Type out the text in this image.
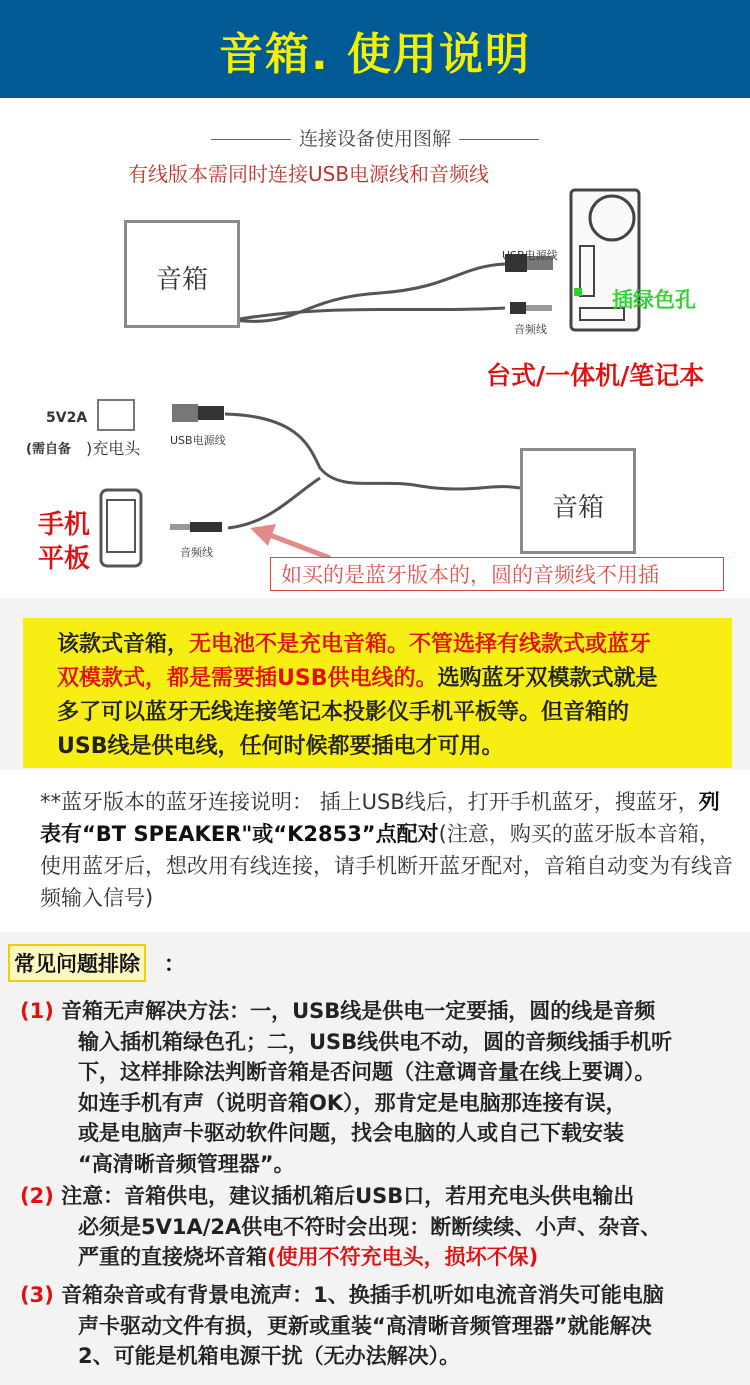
音箱. 使用说明
连接设备使用图解
有线版本需同时连接USB电源线和音频线
音箱
音箱
USB电源线
音频线
插绿色孔
台式/一体机/笔记本
5V2A
(需自备 )充电头	USB电源线
音频线
手机
平板
如买的是蓝牙版本的，圆的音频线不用插
该款式音箱，无电池不是充电音箱。不管选择有线款式或蓝牙
双模款式，都是需要插USB供电线的。选购蓝牙双模款式就是
多了可以蓝牙无线连接笔记本投影仪手机平板等。但音箱的
USB线是供电线，任何时候都要插电才可用。
**蓝牙版本的蓝牙连接说明： 插上USB线后，打开手机蓝牙，搜蓝牙，列表有“BT SPEAKER"或“K2853”点配对(注意，购买的蓝牙版本音箱，使用蓝牙后，想改用有线连接，请手机断开蓝牙配对，音箱自动变为有线音频输入信号)
常见问题排除 ：
(1) 音箱无声解决方法：一，USB线是供电一定要插，圆的线是音频
输入插机箱绿色孔；二，USB线供电不动，圆的音频线插手机听
下，这样排除法判断音箱是否问题（注意调音量在线上要调）。
如连手机有声（说明音箱OK），那肯定是电脑那连接有误，
或是电脑声卡驱动软件问题，找会电脑的人或自己下载安装
“高清晰音频管理器”。
(2) 注意：音箱供电，建议插机箱后USB口，若用充电头供电输出
必须是5V1A/2A供电不符时会出现：断断续续、小声、杂音、
严重的直接烧坏音箱(使用不符充电头，损坏不保)
(3) 音箱杂音或有背景电流声：1、换插手机听如电流音消失可能电脑
声卡驱动文件有损，更新或重装“高清晰音频管理器”就能解决
2、可能是机箱电源干扰（无办法解决）。
